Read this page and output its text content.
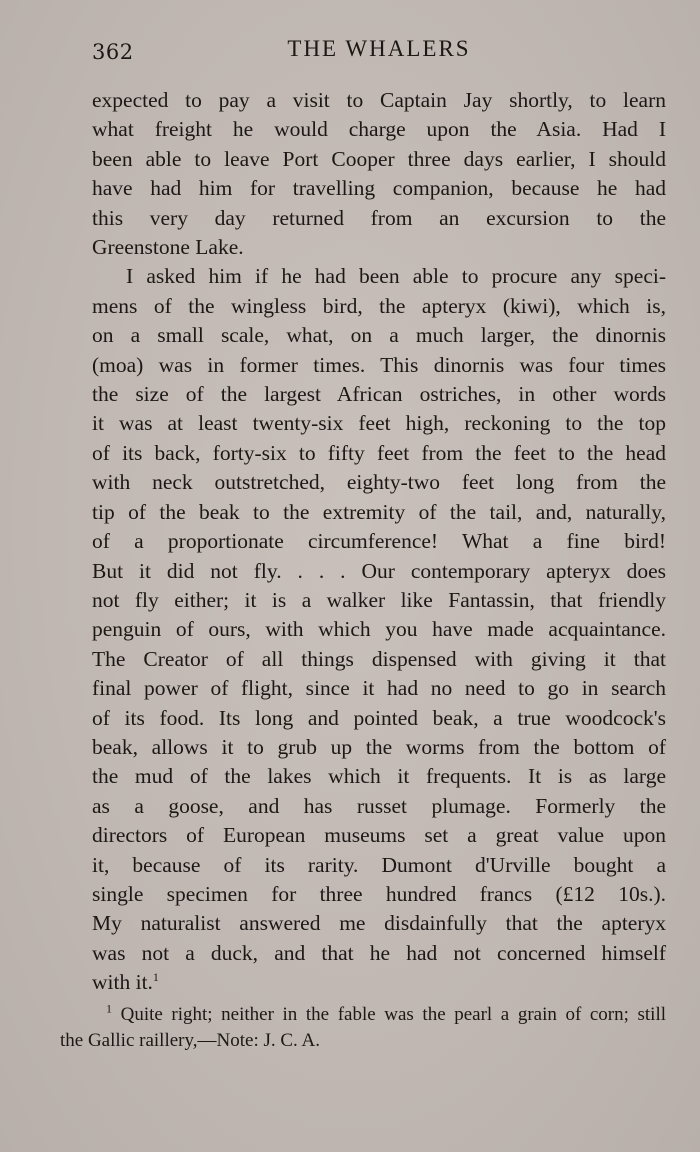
362	THE WHALERS

expected to pay a visit to Captain Jay shortly, to learn
what freight he would charge upon the Asia. Had I
been able to leave Port Cooper three days earlier, I should
have had him for travelling companion, because he had
this very day returned from an excursion to the
Greenstone Lake.

I asked him if he had been able to procure any speci-
mens of the wingless bird, the apteryx (kiwi), which is,
on a small scale, what, on a much larger, the dinornis
(moa) was in former times. This dinornis was four times
the size of the largest African ostriches, in other words
it was at least twenty-six feet high, reckoning to the top
of its back, forty-six to fifty feet from the feet to the head
with neck outstretched, eighty-two feet long from the
tip of the beak to the extremity of the tail, and, naturally,
of a proportionate circumference! What a fine bird!
But it did not fly. . . . Our contemporary apteryx does
not fly either; it is a walker like Fantassin, that friendly
penguin of ours, with which you have made acquaintance.
The Creator of all things dispensed with giving it that
final power of flight, since it had no need to go in search
of its food. Its long and pointed beak, a true woodcock's
beak, allows it to grub up the worms from the bottom of
the mud of the lakes which it frequents. It is as large
as a goose, and has russet plumage. Formerly the
directors of European museums set a great value upon
it, because of its rarity. Dumont d'Urville bought a
single specimen for three hundred francs (£12 10s.).
My naturalist answered me disdainfully that the apteryx
was not a duck, and that he had not concerned himself
with it.$^1$

$^1$ Quite right; neither in the fable was the pearl a grain of corn; still
the Gallic raillery,—Note: J. C. A.
